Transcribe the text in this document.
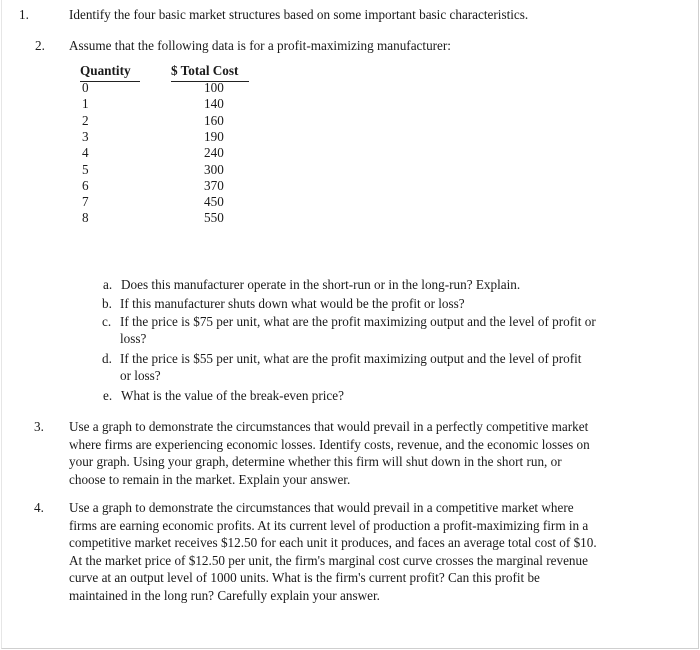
1.	Identify the four basic market structures based on some important basic characteristics.
2. Assume that the following data is for a profit-maximizing manufacturer:
Quantity	$ Total Cost
0	100
1	140
2	160
3	190
4	240
5	300
6	370
7	450
8	550
a. Does this manufacturer operate in the short-run or in the long-run? Explain.
b. If this manufacturer shuts down what would be the profit or loss?
c. If the price is $75 per unit, what are the profit maximizing output and the level of profit or
loss?
d. If the price is $55 per unit, what are the profit maximizing output and the level of profit
or loss?
e. What is the value of the break-even price?
3. Use a graph to demonstrate the circumstances that would prevail in a perfectly competitive market
where firms are experiencing economic losses. Identify costs, revenue, and the economic losses on
your graph. Using your graph, determine whether this firm will shut down in the short run, or
choose to remain in the market. Explain your answer.
4. Use a graph to demonstrate the circumstances that would prevail in a competitive market where
firms are earning economic profits. At its current level of production a profit-maximizing firm in a
competitive market receives $12.50 for each unit it produces, and faces an average total cost of $10.
At the market price of $12.50 per unit, the firm's marginal cost curve crosses the marginal revenue
curve at an output level of 1000 units. What is the firm's current profit? Can this profit be
maintained in the long run? Carefully explain your answer.
